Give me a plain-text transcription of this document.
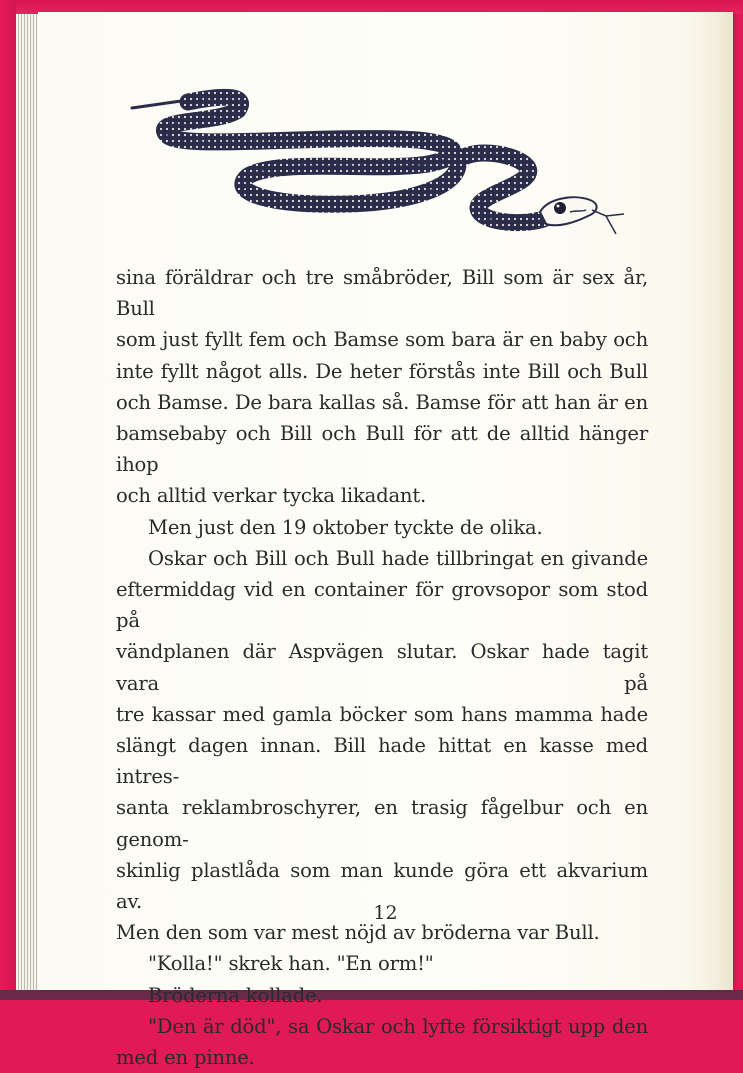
sina föräldrar och tre småbröder, Bill som är sex år, Bull
som just fyllt fem och Bamse som bara är en baby och
inte fyllt något alls. De heter förstås inte Bill och Bull
och Bamse. De bara kallas så. Bamse för att han är en
bamsebaby och Bill och Bull för att de alltid hänger ihop
och alltid verkar tycka likadant.

Men just den 19 oktober tyckte de olika.

Oskar och Bill och Bull hade tillbringat en givande
eftermiddag vid en container för grovsopor som stod på
vändplanen där Aspvägen slutar. Oskar hade tagit vara på
tre kassar med gamla böcker som hans mamma hade
slängt dagen innan. Bill hade hittat en kasse med intres-
santa reklambroschyrer, en trasig fågelbur och en genom-
skinlig plastlåda som man kunde göra ett akvarium av.
Men den som var mest nöjd av bröderna var Bull.

"Kolla!" skrek han. "En orm!"

Bröderna kollade.

"Den är död", sa Oskar och lyfte försiktigt upp den
med en pinne.

12
